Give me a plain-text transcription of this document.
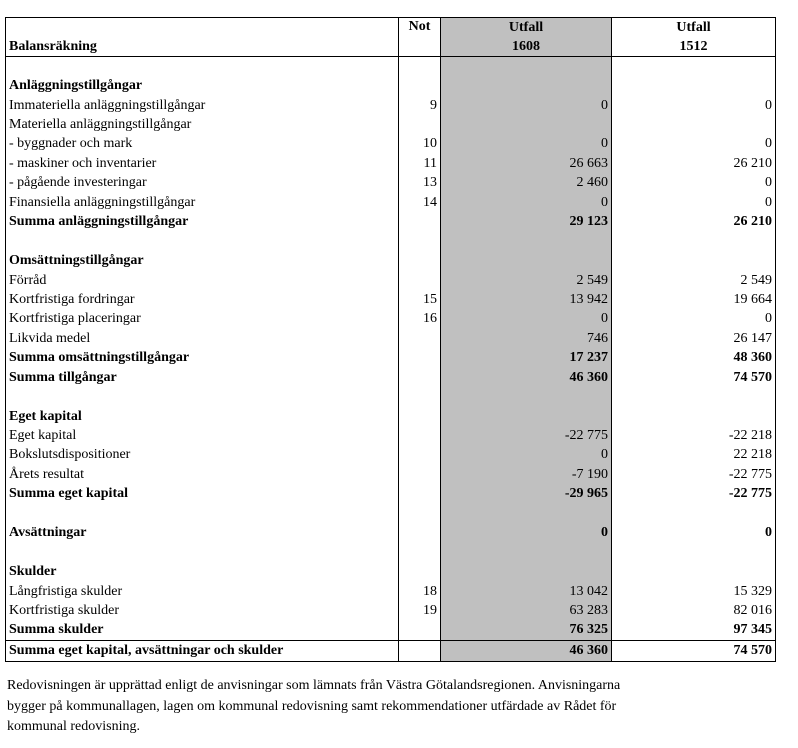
	Not	Utfall	Utfall
Balansräkning		1608	1512

Anläggningstillgångar			
Immateriella anläggningstillgångar	9	0	0
Materiella anläggningstillgångar			
- byggnader och mark	10	0	0
- maskiner och inventarier	11	26 663	26 210
- pågående investeringar	13	2 460	0
Finansiella anläggningstillgångar	14	0	0
Summa anläggningstillgångar		29 123	26 210

Omsättningstillgångar			
Förråd		2 549	2 549
Kortfristiga fordringar	15	13 942	19 664
Kortfristiga placeringar	16	0	0
Likvida medel		746	26 147
Summa omsättningstillgångar		17 237	48 360
Summa tillgångar		46 360	74 570

Eget kapital			
Eget kapital		-22 775	-22 218
Bokslutsdispositioner		0	22 218
Årets resultat		-7 190	-22 775
Summa eget kapital		-29 965	-22 775

Avsättningar		0	0

Skulder			
Långfristiga skulder	18	13 042	15 329
Kortfristiga skulder	19	63 283	82 016
Summa skulder		76 325	97 345
Summa eget kapital, avsättningar och skulder		46 360	74 570

Redovisningen är upprättad enligt de anvisningar som lämnats från Västra Götalandsregionen. Anvisningarna

bygger på kommunallagen, lagen om kommunal redovisning samt rekommendationer utfärdade av Rådet för

kommunal redovisning.
